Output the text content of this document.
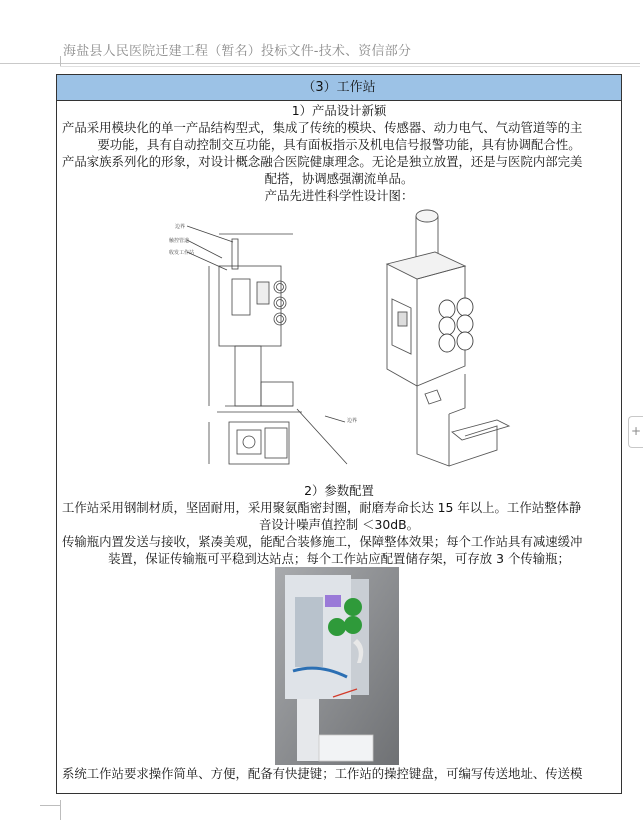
海盐县人民医院迁建工程（暂名）投标文件-技术、资信部分
（3）工作站
1）产品设计新颖
产品采用模块化的单一产品结构型式，集成了传统的模块、传感器、动力电气、气动管道等的主
要功能，具有自动控制交互功能，具有面板指示及机电信号报警功能，具有协调配合性。
产品家族系列化的形象，对设计概念融合医院健康理念。无论是独立放置，还是与医院内部完美
配搭，协调感强潮流单品。
产品先进性科学性设计图：
边界
触控管道
收发工作站
边界
2）参数配置
工作站采用钢制材质，坚固耐用，采用聚氨酯密封圈，耐磨寿命长达 15 年以上。工作站整体静
音设计噪声值控制 ＜30dB。
传输瓶内置发送与接收，紧凑美观，能配合装修施工，保障整体效果；每个工作站具有减速缓冲
装置，保证传输瓶可平稳到达站点；每个工作站应配置储存架，可存放 3 个传输瓶；
系统工作站要求操作简单、方便，配备有快捷键；工作站的操控键盘，可编写传送地址、传送模
+
